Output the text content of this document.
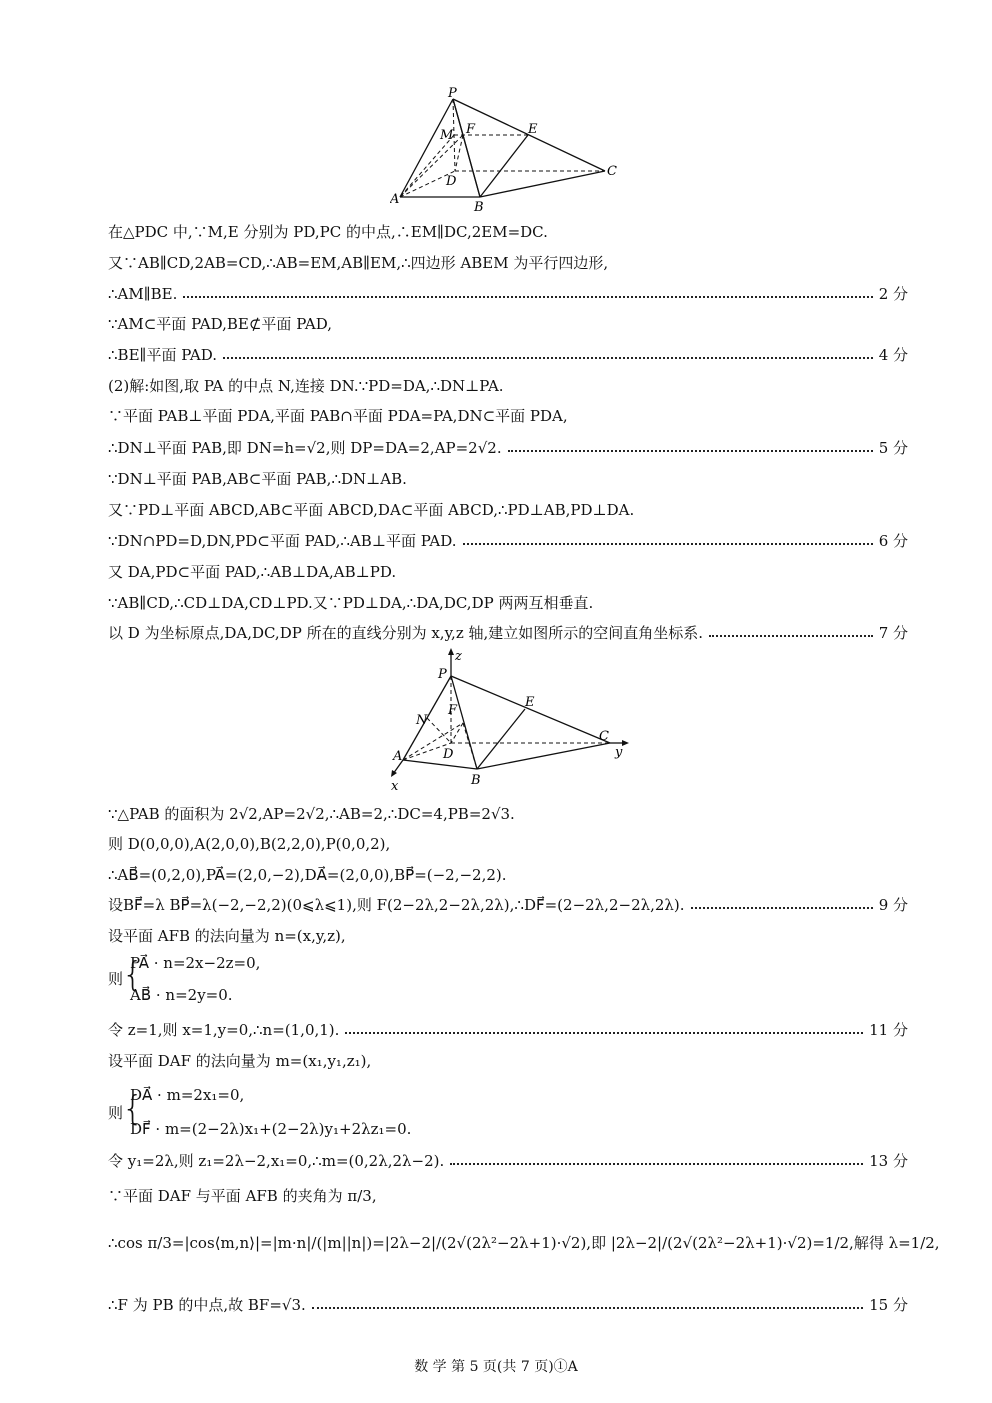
P
M F	E
D
A
B
C
在△PDC 中,∵M,E 分别为 PD,PC 的中点,∴EM∥DC,2EM=DC.
又∵AB∥CD,2AB=CD,∴AB=EM,AB∥EM,∴四边形 ABEM 为平行四边形,
∴AM∥BE.	2 分
∵AM⊂平面 PAD,BE⊄平面 PAD,
∴BE∥平面 PAD.	4 分
(2)解:如图,取 PA 的中点 N,连接 DN.∵PD=DA,∴DN⊥PA.
∵平面 PAB⊥平面 PDA,平面 PAB∩平面 PDA=PA,DN⊂平面 PDA,
∴DN⊥平面 PAB,即 DN=h=√2,则 DP=DA=2,AP=2√2.	5 分
∵DN⊥平面 PAB,AB⊂平面 PAB,∴DN⊥AB.
又∵PD⊥平面 ABCD,AB⊂平面 ABCD,DA⊂平面 ABCD,∴PD⊥AB,PD⊥DA.
∵DN∩PD=D,DN,PD⊂平面 PAD,∴AB⊥平面 PAD.	6 分
又 DA,PD⊂平面 PAD,∴AB⊥DA,AB⊥PD.
∵AB∥CD,∴CD⊥DA,CD⊥PD.又∵PD⊥DA,∴DA,DC,DP 两两互相垂直.
以 D 为坐标原点,DA,DC,DP 所在的直线分别为 x,y,z 轴,建立如图所示的空间直角坐标系.	7 分
z
P
N
F
E
D
A
B
C
x
y
∵△PAB 的面积为 2√2,AP=2√2,∴AB=2,∴DC=4,PB=2√3.
则 D(0,0,0),A(2,0,0),B(2,2,0),P(0,0,2),
∴AB⃗=(0,2,0),PA⃗=(2,0,−2),DA⃗=(2,0,0),BP⃗=(−2,−2,2).
设BF⃗=λ BP⃗=λ(−2,−2,2)(0⩽λ⩽1),则 F(2−2λ,2−2λ,2λ),∴DF⃗=(2−2λ,2−2λ,2λ).	9 分
设平面 AFB 的法向量为 n=(x,y,z),
则
{
PA⃗ · n=2x−2z=0,
AB⃗ · n=2y=0.
令 z=1,则 x=1,y=0,∴n=(1,0,1).	11 分
设平面 DAF 的法向量为 m=(x₁,y₁,z₁),
则
{
DA⃗ · m=2x₁=0,
DF⃗ · m=(2−2λ)x₁+(2−2λ)y₁+2λz₁=0.
令 y₁=2λ,则 z₁=2λ−2,x₁=0,∴m=(0,2λ,2λ−2).	13 分
∵平面 DAF 与平面 AFB 的夹角为 π/3,
∴cos π/3=|cos⟨m,n⟩|=|m·n|/(|m||n|)=|2λ−2|/(2√(2λ²−2λ+1)·√2),即 |2λ−2|/(2√(2λ²−2λ+1)·√2)=1/2,解得 λ=1/2,
∴F 为 PB 的中点,故 BF=√3.	15 分
数 学 第 5 页(共 7 页)①A
